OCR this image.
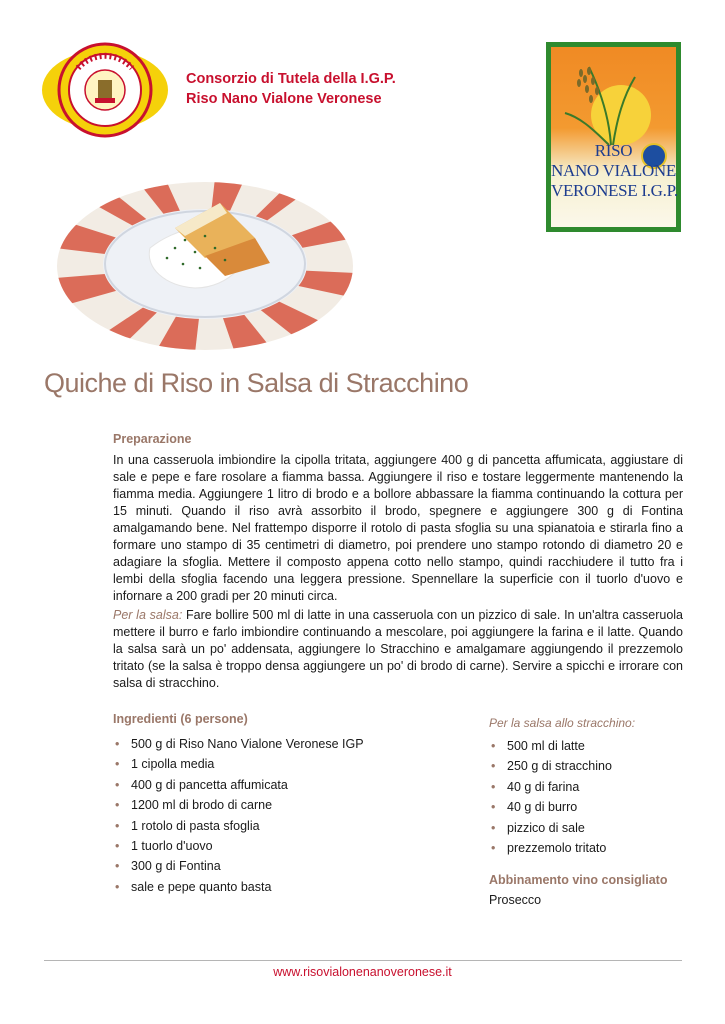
Consorzio di Tutela della I.G.P.
Riso Nano Vialone Veronese
RISO
NANO VIALONE
VERONESE I.G.P.
Quiche di Riso in Salsa di Stracchino
Preparazione
In una casseruola imbiondire la cipolla tritata, aggiungere 400 g di pancetta affumicata, aggiustare di sale e pepe e fare rosolare a fiamma bassa. Aggiungere il riso e tostare leggermente mantenendo la fiamma media. Aggiungere 1 litro di brodo e a bollore abbassare la fiamma continuando la cottura per 15 minuti. Quando il riso avrà assorbito il brodo, spegnere e aggiungere 300 g di Fontina amalgamando bene. Nel frattempo disporre il rotolo di pasta sfoglia su una spianatoia e stirarla fino a formare uno stampo di 35 centimetri di diametro, poi prendere uno stampo rotondo di diametro 20 e adagiare la sfoglia. Mettere il composto appena cotto nello stampo, quindi racchiudere il tutto fra i lembi della sfoglia facendo una leggera pressione. Spennellare la superficie con il tuorlo d'uovo e infornare a 200 gradi per 20 minuti circa.
Per la salsa: Fare bollire 500 ml di latte in una casseruola con un pizzico di sale. In un'altra casseruola mettere il burro e farlo imbiondire continuando a mescolare, poi aggiungere la farina e il latte. Quando la salsa sarà un po' addensata, aggiungere lo Stracchino e amalgamare aggiungendo il prezzemolo tritato (se la salsa è troppo densa aggiungere un po' di brodo di carne). Servire a spicchi e irrorare con salsa di stracchino.
Ingredienti (6 persone)
• 500 g di Riso Nano Vialone Veronese IGP
• 1 cipolla media
• 400 g di pancetta affumicata
• 1200 ml di brodo di carne
• 1 rotolo di pasta sfoglia
• 1 tuorlo d'uovo
• 300 g di Fontina
• sale e pepe quanto basta
Per la salsa allo stracchino:
• 500 ml di latte
• 250 g di stracchino
• 40 g di farina
• 40 g di burro
• pizzico di sale
• prezzemolo tritato
Abbinamento vino consigliato
Prosecco
www.risovialonenanoveronese.it
